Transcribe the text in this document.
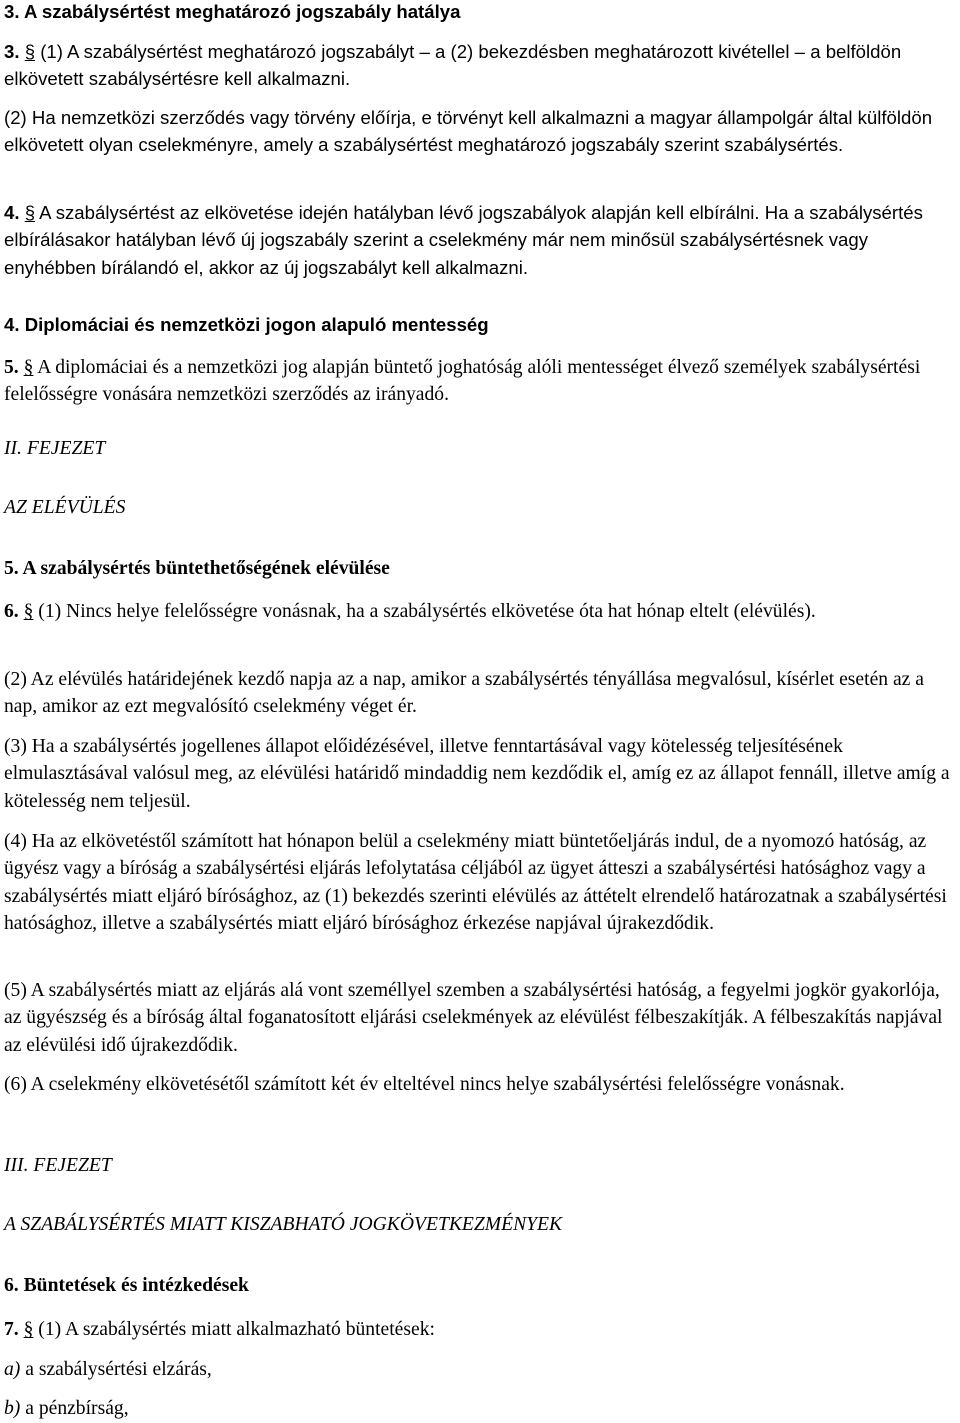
3. A szabálysértést meghatározó jogszabály hatálya

3. § (1) A szabálysértést meghatározó jogszabályt – a (2) bekezdésben meghatározott kivétellel – a belföldön elkövetett szabálysértésre kell alkalmazni.

(2) Ha nemzetközi szerződés vagy törvény előírja, e törvényt kell alkalmazni a magyar állampolgár által külföldön elkövetett olyan cselekményre, amely a szabálysértést meghatározó jogszabály szerint szabálysértés.

4. § A szabálysértést az elkövetése idején hatályban lévő jogszabályok alapján kell elbírálni. Ha a szabálysértés elbírálásakor hatályban lévő új jogszabály szerint a cselekmény már nem minősül szabálysértésnek vagy enyhébben bírálandó el, akkor az új jogszabályt kell alkalmazni.

4. Diplomáciai és nemzetközi jogon alapuló mentesség

5. § A diplomáciai és a nemzetközi jog alapján büntető joghatóság alóli mentességet élvező személyek szabálysértési felelősségre vonására nemzetközi szerződés az irányadó.

II. FEJEZET

AZ ELÉVÜLÉS

5. A szabálysértés büntethetőségének elévülése

6. § (1) Nincs helye felelősségre vonásnak, ha a szabálysértés elkövetése óta hat hónap eltelt (elévülés).

(2) Az elévülés határidejének kezdő napja az a nap, amikor a szabálysértés tényállása megvalósul, kísérlet esetén az a nap, amikor az ezt megvalósító cselekmény véget ér.

(3) Ha a szabálysértés jogellenes állapot előidézésével, illetve fenntartásával vagy kötelesség teljesítésének elmulasztásával valósul meg, az elévülési határidő mindaddig nem kezdődik el, amíg ez az állapot fennáll, illetve amíg a kötelesség nem teljesül.

(4) Ha az elkövetéstől számított hat hónapon belül a cselekmény miatt büntetőeljárás indul, de a nyomozó hatóság, az ügyész vagy a bíróság a szabálysértési eljárás lefolytatása céljából az ügyet átteszi a szabálysértési hatósághoz vagy a szabálysértés miatt eljáró bírósághoz, az (1) bekezdés szerinti elévülés az áttételt elrendelő határozatnak a szabálysértési hatósághoz, illetve a szabálysértés miatt eljáró bírósághoz érkezése napjával újrakezdődik.

(5) A szabálysértés miatt az eljárás alá vont személlyel szemben a szabálysértési hatóság, a fegyelmi jogkör gyakorlója, az ügyészség és a bíróság által foganatosított eljárási cselekmények az elévülést félbeszakítják. A félbeszakítás napjával az elévülési idő újrakezdődik.

(6) A cselekmény elkövetésétől számított két év elteltével nincs helye szabálysértési felelősségre vonásnak.

III. FEJEZET

A SZABÁLYSÉRTÉS MIATT KISZABHATÓ JOGKÖVETKEZMÉNYEK

6. Büntetések és intézkedések

7. § (1) A szabálysértés miatt alkalmazható büntetések:

a) a szabálysértési elzárás,

b) a pénzbírság,
